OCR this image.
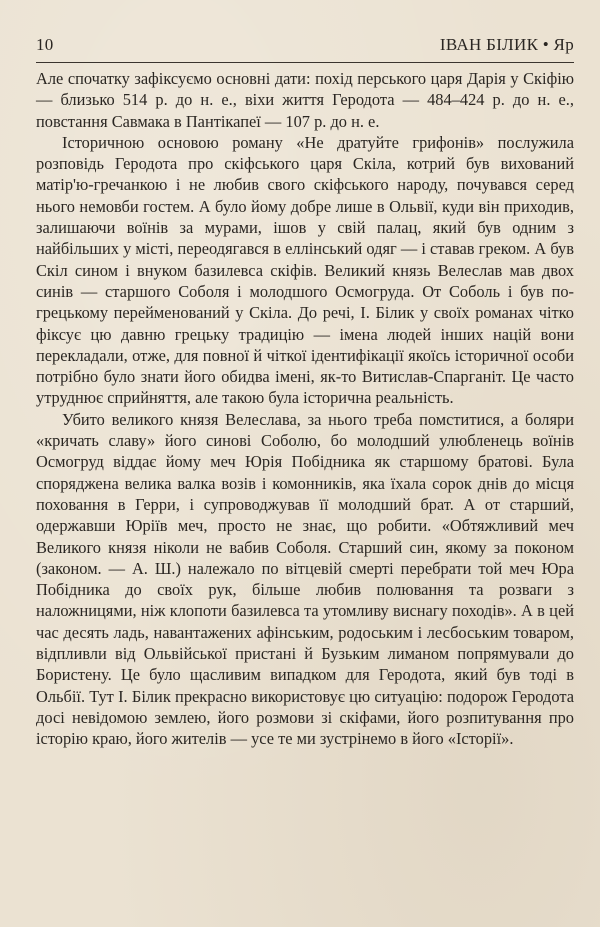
10	ІВАН БІЛИК • Яр

Але спочатку зафіксуємо основні дати: похід перського царя Дарія у Скіфію — близько 514 р. до н. е., віхи життя Геродота — 484–424 р. до н. е., повстання Савмака в Пантікапеї — 107 р. до н. е.

Історичною основою роману «Не дратуйте грифонів» послужила розповідь Геродота про скіфського царя Скіла, котрий був вихований матір'ю-гречанкою і не любив свого скіфського народу, почувався серед нього немовби гостем. А було йому добре лише в Ольвії, куди він приходив, залишаючи воїнів за мурами, ішов у свій палац, який був одним з найбільших у місті, переодягався в еллінський одяг — і ставав греком. А був Скіл сином і внуком базилевса скіфів. Великий князь Велеслав мав двох синів — старшого Соболя і молодшого Осмогруда. От Соболь і був по-грецькому перейменований у Скіла. До речі, І. Білик у своїх романах чітко фіксує цю давню грецьку традицію — імена людей інших націй вони перекладали, отже, для повної й чіткої ідентифікації якоїсь історичної особи потрібно було знати його обидва імені, як-то Витислав-Спарганіт. Це часто утруднює сприйняття, але такою була історична реальність.

Убито великого князя Велеслава, за нього треба помститися, а боляри «кричать славу» його синові Соболю, бо молодший улюбленець воїнів Осмогруд віддає йому меч Юрія Побідника як старшому братові. Була споряджена велика валка возів і комонників, яка їхала сорок днів до місця поховання в Герри, і супроводжував її молодший брат. А от старший, одержавши Юріїв меч, просто не знає, що робити. «Обтяжливий меч Великого князя ніколи не вабив Соболя. Старший син, якому за поконом (законом. — А. Ш.) належало по вітцевій смерті перебрати той меч Юра Побідника до своїх рук, більше любив полювання та розваги з наложницями, ніж клопоти базилевса та утомливу виснагу походів». А в цей час десять ладь, навантажених афінським, родоським і лесбоським товаром, відпливли від Ольвійської пристані й Бузьким лиманом попрямували до Бористену. Це було щасливим випадком для Геродота, який був тоді в Ольбії. Тут І. Білик прекрасно використовує цю ситуацію: подорож Геродота досі невідомою землею, його розмови зі скіфами, його розпитування про історію краю, його жителів — усе те ми зустрінемо в його «Історії».
